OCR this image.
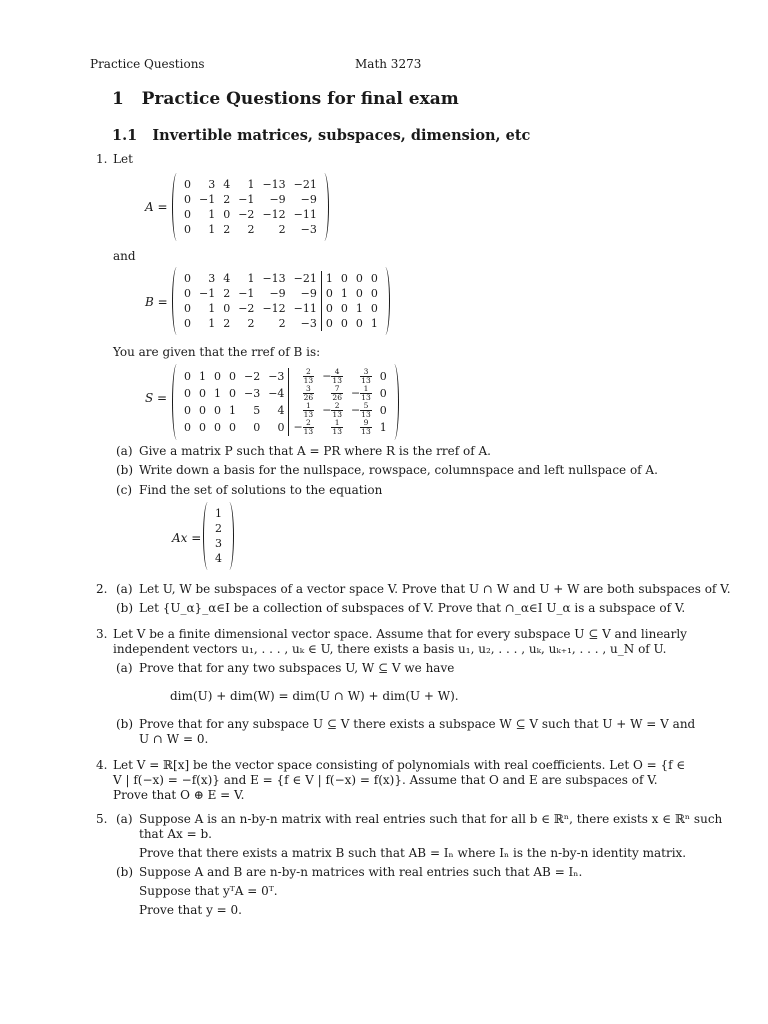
Practice Questions	Math 3273
1 Practice Questions for final exam
1.1 Invertible matrices, subspaces, dimension, etc
1. Let
A =
0	3	4	1	−13	−21
0	−1	2	−1	−9	−9
0	1	0	−2	−12	−11
0	1	2	2	2	−3
and
B =
0	3	4	1	−13	−21	1	0	0	0
0	−1	2	−1	−9	−9	0	1	0	0
0	1	0	−2	−12	−11	0	0	1	0
0	1	2	2	2	−3	0	0	0	1
You are given that the rref of B is:
S =
0	1	0	0	−2	−3	$\frac{2}{13}$	− $\frac{4}{13}$	$\frac{3}{13}$	0
0	0	1	0	−3	−4	$\frac{3}{26}$	$\frac{7}{26}$	− $\frac{1}{13}$	0
0	0	0	1	5	4	$\frac{1}{13}$	− $\frac{2}{13}$	− $\frac{5}{13}$	0
0	0	0	0	0	0	− $\frac{2}{13}$	$\frac{1}{13}$	$\frac{9}{13}$	1
(a) Give a matrix P such that A = PR where R is the rref of A.
(b) Write down a basis for the nullspace, rowspace, columnspace and left nullspace of A.
(c) Find the set of solutions to the equation
Ax =
1
2
3
4
2. (a) Let U, W be subspaces of a vector space V. Prove that U ∩ W and U + W are both subspaces of V.
(b) Let {U_α}_α∈I be a collection of subspaces of V. Prove that ∩_α∈I U_α is a subspace of V.
3. Let V be a finite dimensional vector space. Assume that for every subspace U ⊆ V and linearly
independent vectors u₁, . . . , uₖ ∈ U, there exists a basis u₁, u₂, . . . , uₖ, uₖ₊₁, . . . , u_N of U.
(a) Prove that for any two subspaces U, W ⊆ V we have
dim(U) + dim(W) = dim(U ∩ W) + dim(U + W).
(b) Prove that for any subspace U ⊆ V there exists a subspace W ⊆ V such that U + W = V and
U ∩ W = 0.
4. Let V = ℝ[x] be the vector space consisting of polynomials with real coefficients. Let O = {f ∈
V | f(−x) = −f(x)} and E = {f ∈ V | f(−x) = f(x)}. Assume that O and E are subspaces of V.
Prove that O ⊕ E = V.
5. (a) Suppose A is an n-by-n matrix with real entries such that for all b ∈ ℝⁿ, there exists x ∈ ℝⁿ such
that Ax = b.
Prove that there exists a matrix B such that AB = Iₙ where Iₙ is the n-by-n identity matrix.
(b) Suppose A and B are n-by-n matrices with real entries such that AB = Iₙ.
Suppose that yᵀA = 0ᵀ.
Prove that y = 0.
